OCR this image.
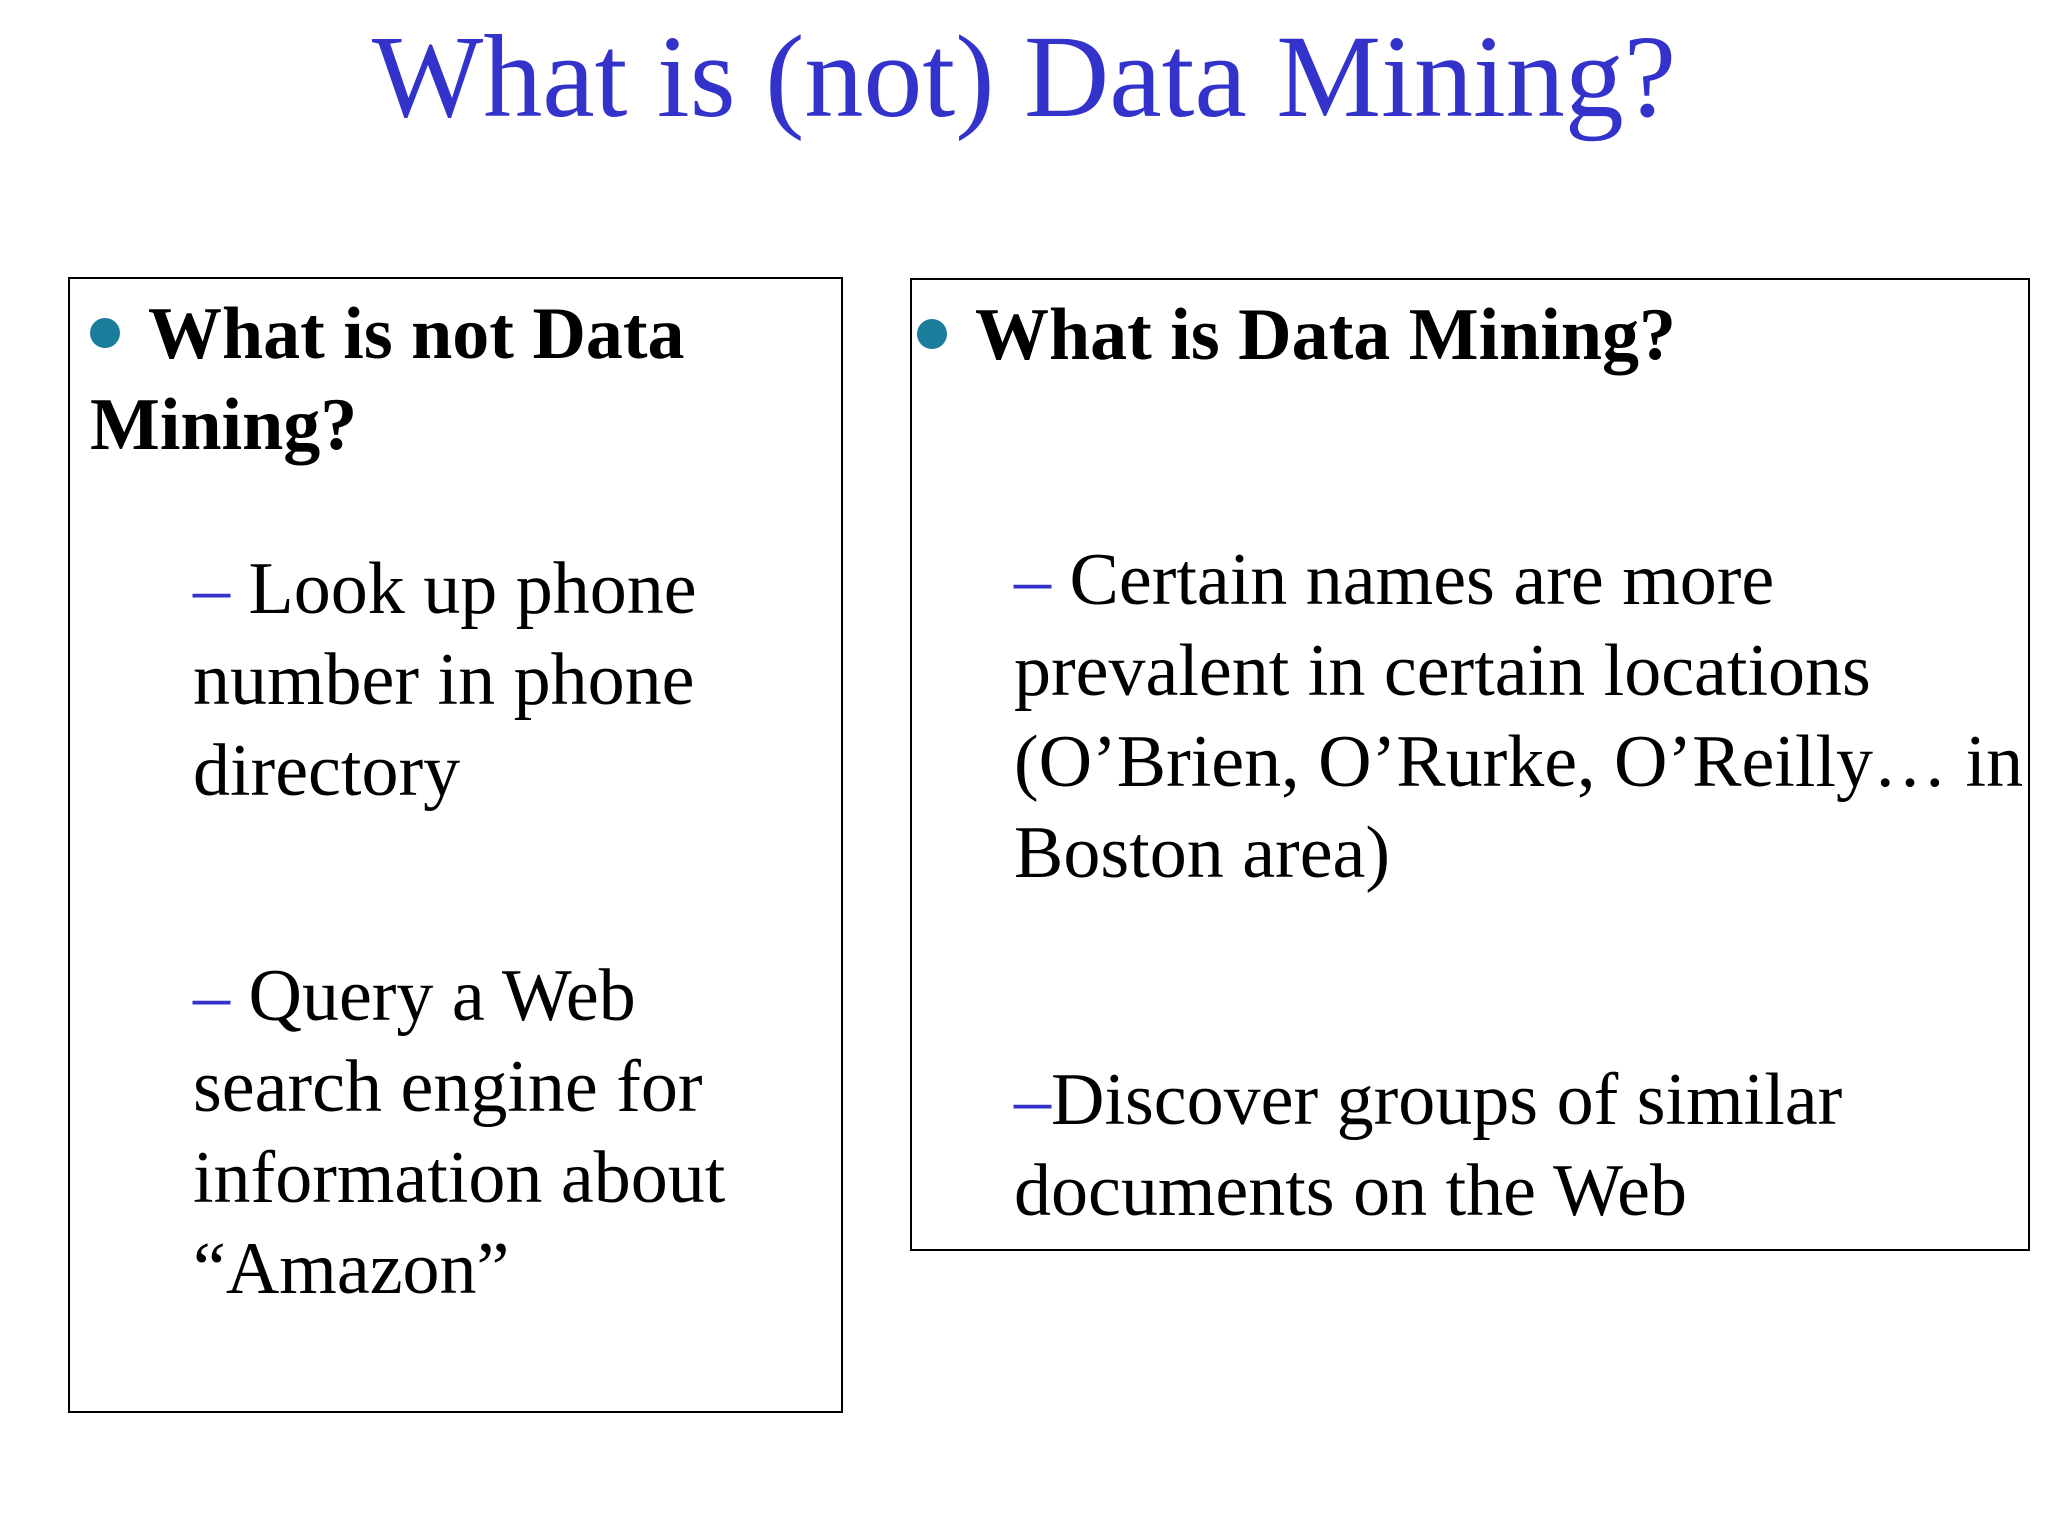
What is (not) Data Mining?

What is not Data Mining?

– Look up phone number in phone directory

– Query a Web search engine for information about “Amazon”

What is Data Mining?

– Certain names are more prevalent in certain locations (O’Brien, O’Rurke, O’Reilly… in Boston area)

–Discover groups of similar documents on the Web
